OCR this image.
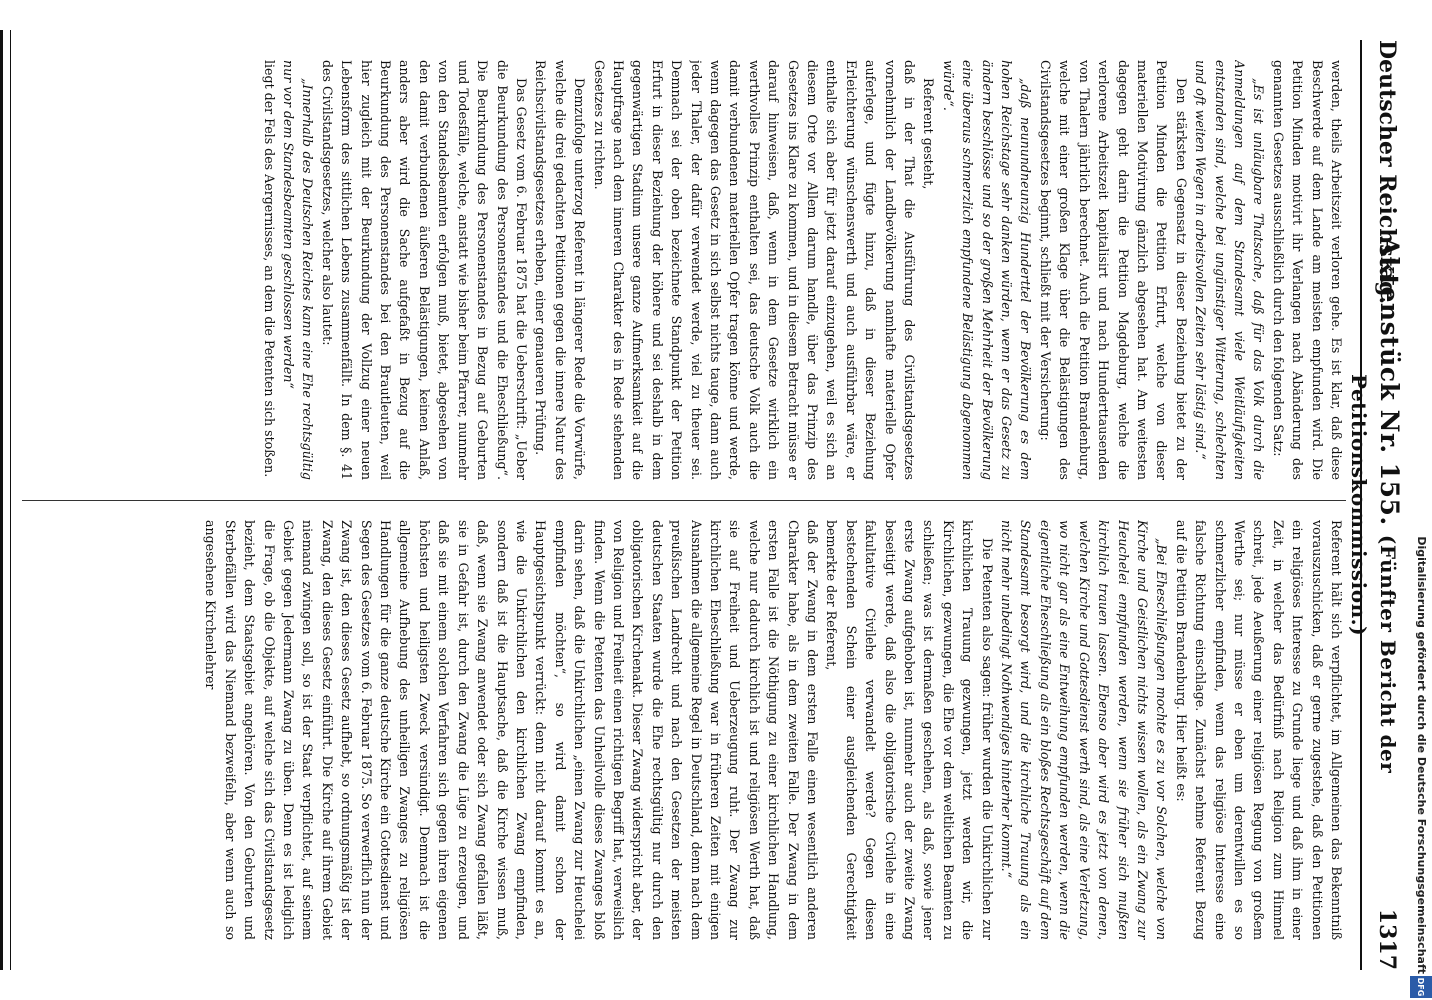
Digitalisierung gefördert durch die Deutsche Forschungsgemeinschaft
DFG
Deutscher Reichstag.
Aktenstück Nr. 155. (Fünfter Bericht der Petitionskommission.)
1317

werden, theils Arbeitszeit verloren gehe. Es ist klar, daß diese Beschwerde auf dem Lande am meisten empfunden wird. Die Petition Minden motivirt ihr Verlangen nach Abänderung des genannten Gesetzes ausschließlich durch den folgenden Satz:

„Es ist unläugbare Thatsache, daß für das Volk durch die Anmeldungen auf dem Standesamt viele Weitläufigkeiten entstanden sind, welche bei ungünstiger Witterung, schlechten und oft weiten Wegen in arbeitsvollen Zeiten sehr lästig sind.“

Den stärksten Gegensatz in dieser Beziehung bietet zu der Petition Minden die Petition Erfurt, welche von dieser materiellen Motivirung gänzlich abgesehen hat. Am weitesten dagegen geht darin die Petition Magdeburg, welche die verlorene Arbeitszeit kapitalisirt und nach Hunderttausenden von Thalern jährlich berechnet. Auch die Petition Brandenburg, welche mit einer großen Klage über die Belästigungen des Civilstandsgesetzes beginnt, schließt mit der Versicherung:

„daß neunundneunzig Hunderttel der Bevölkerung es dem hohen Reichstage sehr danken würden, wenn er das Gesetz zu ändern beschlösse und so der großen Mehrheit der Bevölkerung eine überaus schmerzlich empfundene Belästigung abgenommen würde“.

Referent gesteht,

daß in der That die Ausführung des Civilstandsgesetzes vornehmlich der Landbevölkerung namhafte materielle Opfer auferlege, und fügte hinzu, daß in dieser Beziehung Erleichterung wünschenswerth und auch ausführbar wäre, er enthalte sich aber für jetzt darauf einzugehen, weil es sich an diesem Orte vor Allem darum handle, über das Prinzip des Gesetzes ins Klare zu kommen, und in diesem Betracht müsse er darauf hinweisen, daß, wenn in dem Gesetze wirklich ein werthvolles Prinzip enthalten sei, das deutsche Volk auch die damit verbundenen materiellen Opfer tragen könne und werde, wenn dagegen das Gesetz in sich selbst nichts tauge, dann auch jeder Thaler, der dafür verwendet werde, viel zu theuer sei. Demnach sei der oben bezeichnete Standpunkt der Petition Erfurt in dieser Beziehung der höhere und sei deshalb in dem gegenwärtigen Stadium unsere ganze Aufmerksamkeit auf die Hauptfrage nach dem inneren Charakter des in Rede stehenden Gesetzes zu richten.

Demzufolge unterzog Referent in längerer Rede die Vorwürfe, welche die drei gedachten Petitionen gegen die innere Natur des Reichscivilstandsgesetzes erheben, einer genaueren Prüfung.

Das Gesetz vom 6. Februar 1875 hat die Ueberschrift: „Ueber die Beurkundung des Personenstandes und die Eheschließung“. Die Beurkundung des Personenstandes in Bezug auf Geburten und Todesfälle, welche, anstatt wie bisher beim Pfarrer, nunmehr von den Standesbeamten erfolgen muß, bietet, abgesehen von den damit verbundenen äußeren Belästigungen, keinen Anlaß, anders aber wird die Sache aufgefaßt in Bezug auf die Beurkundung des Personenstandes bei den Brautleuten, weil hier zugleich mit der Beurkundung der Vollzug einer neuen Lebensform des sittlichen Lebens zusammenfällt. In dem §. 41 des Civilstandsgesetzes, welcher also lautet:

„Innerhalb des Deutschen Reiches kann eine Ehe rechtsgültig nur vor dem Standesbeamten geschlossen werden“

liegt der Fels des Aergernisses, an dem die Petenten sich stoßen.

Referent hält sich verpflichtet, im Allgemeinen das Bekenntniß vorauszuschicken, daß er gerne zugestehe, daß den Petitionen ein religiöses Interesse zu Grunde liege und daß ihm in einer Zeit, in welcher das Bedürfniß nach Religion zum Himmel schreit, jede Aeußerung einer religiösen Regung von großem Werthe sei; nur müsse er eben um derentwillen es so schmerzlicher empfinden, wenn das religiöse Interesse eine falsche Richtung einschlage. Zunächst nehme Referent Bezug auf die Petition Brandenburg. Hier heißt es:

„Bei Eheschließungen mochte es zu vor Solchen, welche von Kirche und Geistlichen nichts wissen wollen, als ein Zwang zur Heuchelei empfunden werden, wenn sie früher sich mußten kirchlich trauen lassen. Ebenso aber wird es jetzt von denen, welchen Kirche und Gottesdienst werth sind, als eine Verletzung, wo nicht gar als eine Entweihung empfunden werden, wenn die eigentliche Eheschließung als ein bloßes Rechtsgeschäft auf dem Standesamt besorgt wird, und die kirchliche Trauung als ein nicht mehr unbedingt Nothwendiges hinterher kommt.“

Die Petenten also sagen: früher wurden die Unkirchlichen zur kirchlichen Trauung gezwungen, jetzt werden wir, die Kirchlichen, gezwungen, die Ehe vor dem weltlichen Beamten zu schließen; was ist dermaßen geschehen, als daß, sowie jener erste Zwang aufgehoben ist, nunmehr auch der zweite Zwang beseitigt werde, daß also die obligatorische Civilehe in eine fakultative Civilehe verwandelt werde? Gegen diesen bestechenden Schein einer ausgleichenden Gerechtigkeit bemerkte der Referent,

daß der Zwang in dem ersten Falle einen wesentlich anderen Charakter habe, als in dem zweiten Falle. Der Zwang in dem ersten Falle ist die Nöthigung zu einer kirchlichen Handlung, welche nur dadurch kirchlich ist und religiösen Werth hat, daß sie auf Freiheit und Ueberzeugung ruht. Der Zwang zur kirchlichen Eheschließung war in früheren Zeiten mit einigen Ausnahmen die allgemeine Regel in Deutschland, denn nach dem preußischen Landrecht und nach den Gesetzen der meisten deutschen Staaten wurde die Ehe rechtsgültig nur durch den obligatorischen Kirchenakt. Dieser Zwang widerspricht aber, der von Religion und Freiheit einen richtigen Begriff hat, verweislich finden. Wenn die Petenten das Unheilvolle dieses Zwanges bloß darin sehen, daß die Unkirchlichen „einen Zwang zur Heuchelei empfinden möchten“, so wird damit schon der Hauptgesichtspunkt verrückt: denn nicht darauf kommt es an, wie die Unkirchlichen den kirchlichen Zwang empfinden, sondern daß ist die Hauptsache, daß die Kirche wissen muß, daß, wenn sie Zwang anwendet oder sich Zwang gefallen läßt, sie in Gefahr ist, durch den Zwang die Lüge zu erzeugen, und daß sie mit einem solchen Verfahren sich gegen ihren eigenen höchsten und heiligsten Zweck versündigt. Demnach ist die allgemeine Aufhebung des unheiligen Zwanges zu religiösen Handlungen für die ganze deutsche Kirche ein Gottesdienst und Segen des Gesetzes vom 6. Februar 1875. So verwerflich nun der Zwang ist, den dieses Gesetz aufhebt, so ordnungsmäßig ist der Zwang, den dieses Gesetz einführt. Die Kirche auf ihrem Gebiet niemand zwingen soll, so ist der Staat verpflichtet, auf seinem Gebiet gegen Jedermann Zwang zu üben. Denn es ist lediglich die Frage, ob die Objekte, auf welche sich das Civilstandsgesetz bezieht, dem Staatsgebiet angehören. Von den Geburten und Sterbefällen wird das Niemand bezweifeln, aber wenn auch so angesehene Kirchenlehrer
